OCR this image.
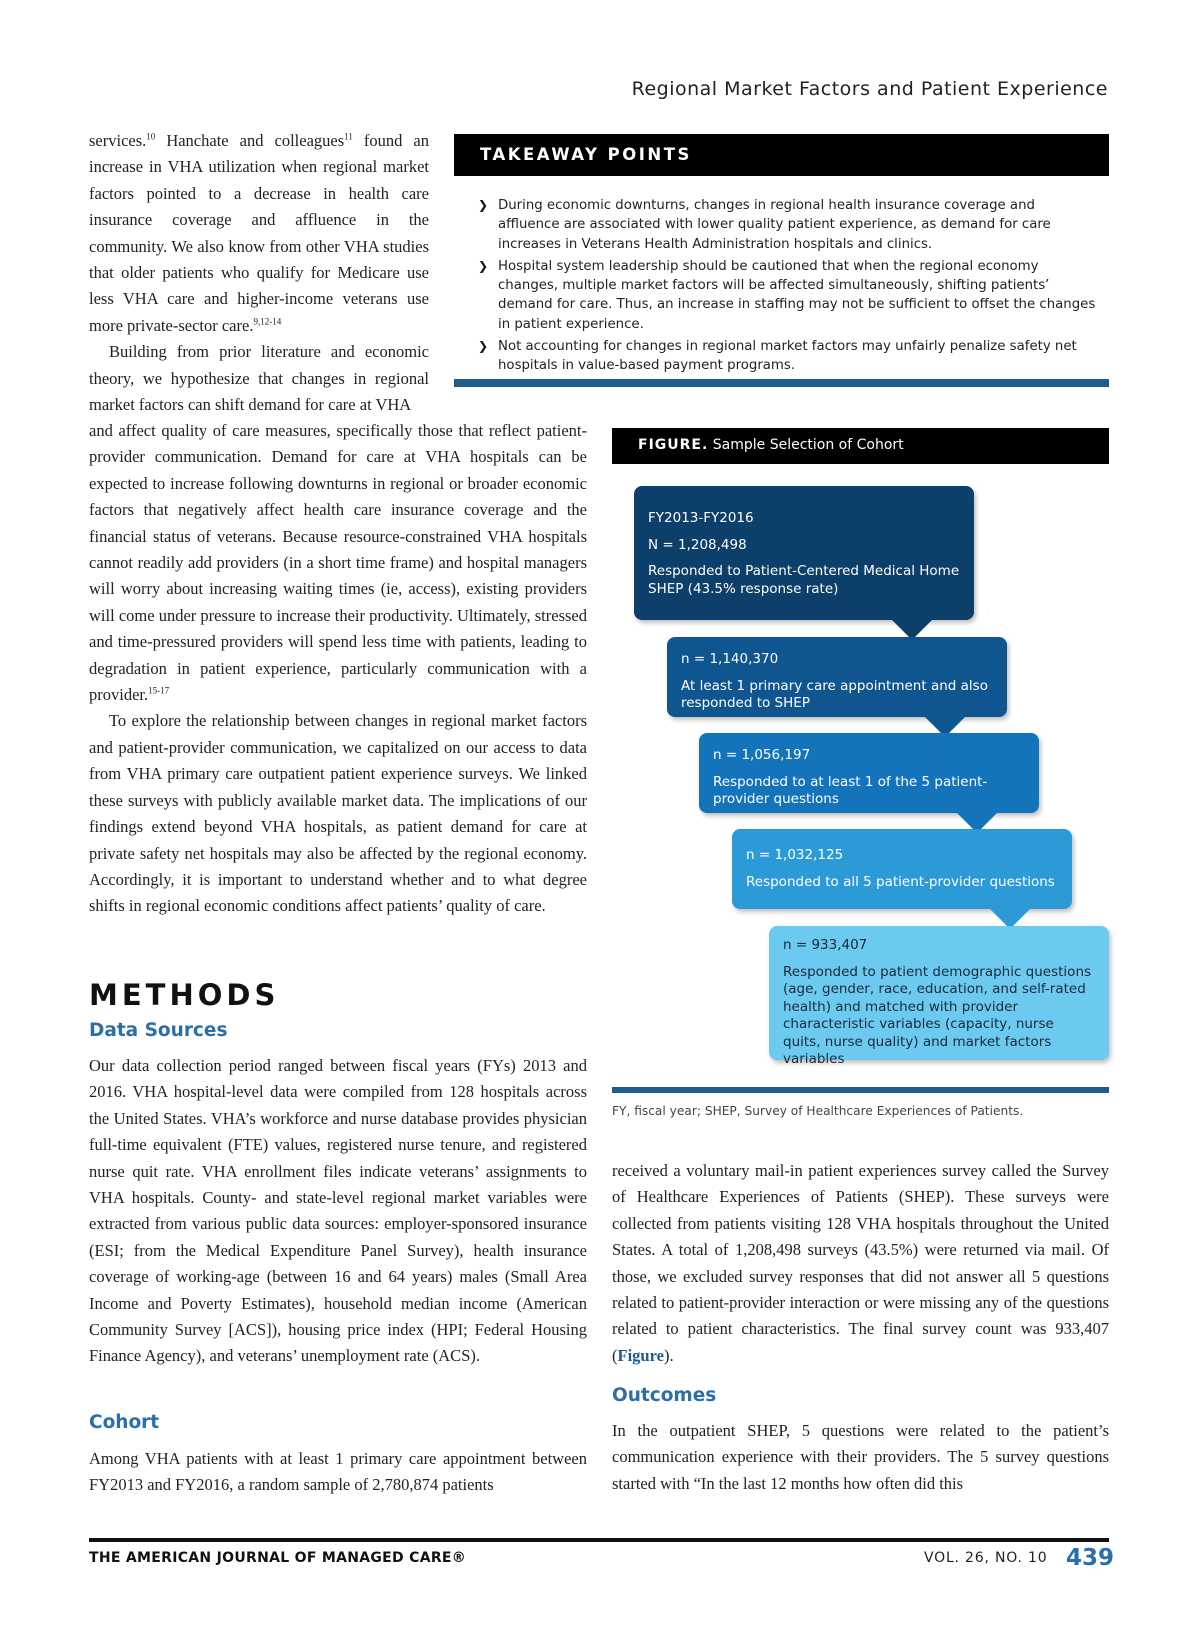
Regional Market Factors and Patient Experience

services.$^{10}$ Hanchate and colleagues$^{11}$ found an increase in VHA utilization when regional market factors pointed to a decrease in health care insurance coverage and affluence in the community. We also know from other VHA studies that older patients who qualify for Medicare use less VHA care and higher-income veterans use more private-sector care.$^{9,12-14}$

Building from prior literature and economic theory, we hypothesize that changes in regional market factors can shift demand for care at VHA

and affect quality of care measures, specifically those that reflect patient-provider communication. Demand for care at VHA hospitals can be expected to increase following downturns in regional or broader economic factors that negatively affect health care insurance coverage and the financial status of veterans. Because resource-constrained VHA hospitals cannot readily add providers (in a short time frame) and hospital managers will worry about increasing waiting times (ie, access), existing providers will come under pressure to increase their productivity. Ultimately, stressed and time-pressured providers will spend less time with patients, leading to degradation in patient experience, particularly communication with a provider.$^{15-17}$

To explore the relationship between changes in regional market factors and patient-provider communication, we capitalized on our access to data from VHA primary care outpatient patient experience surveys. We linked these surveys with publicly available market data. The implications of our findings extend beyond VHA hospitals, as patient demand for care at private safety net hospitals may also be affected by the regional economy. Accordingly, it is important to understand whether and to what degree shifts in regional economic conditions affect patients’ quality of care.

TAKEAWAY POINTS
❯ During economic downturns, changes in regional health insurance coverage and affluence are associated with lower quality patient experience, as demand for care increases in Veterans Health Administration hospitals and clinics.
❯ Hospital system leadership should be cautioned that when the regional economy changes, multiple market factors will be affected simultaneously, shifting patients’ demand for care. Thus, an increase in staffing may not be sufficient to offset the changes in patient experience.
❯ Not accounting for changes in regional market factors may unfairly penalize safety net hospitals in value-based payment programs.
FIGURE. Sample Selection of Cohort
FY2013-FY2016
N = 1,208,498
Responded to Patient-Centered Medical Home SHEP (43.5% response rate)
n = 1,140,370
At least 1 primary care appointment and also responded to SHEP
n = 1,056,197
Responded to at least 1 of the 5 patient-provider questions
n = 1,032,125
Responded to all 5 patient-provider questions
n = 933,407
Responded to patient demographic questions (age, gender, race, education, and self-rated health) and matched with provider characteristic variables (capacity, nurse quits, nurse quality) and market factors variables

FY, fiscal year; SHEP, Survey of Healthcare Experiences of Patients.

METHODS

Data Sources

Our data collection period ranged between fiscal years (FYs) 2013 and 2016. VHA hospital-level data were compiled from 128 hospitals across the United States. VHA’s workforce and nurse database provides physician full-time equivalent (FTE) values, registered nurse tenure, and registered nurse quit rate. VHA enrollment files indicate veterans’ assignments to VHA hospitals. County- and state-level regional market variables were extracted from various public data sources: employer-sponsored insurance (ESI; from the Medical Expenditure Panel Survey), health insurance coverage of working-age (between 16 and 64 years) males (Small Area Income and Poverty Estimates), household median income (American Community Survey [ACS]), housing price index (HPI; Federal Housing Finance Agency), and veterans’ unemployment rate (ACS).

Cohort

Among VHA patients with at least 1 primary care appointment between FY2013 and FY2016, a random sample of 2,780,874 patients

received a voluntary mail-in patient experiences survey called the Survey of Healthcare Experiences of Patients (SHEP). These surveys were collected from patients visiting 128 VHA hospitals throughout the United States. A total of 1,208,498 surveys (43.5%) were returned via mail. Of those, we excluded survey responses that did not answer all 5 questions related to patient-provider interaction or were missing any of the questions related to patient characteristics. The final survey count was 933,407 (Figure).

Outcomes

In the outpatient SHEP, 5 questions were related to the patient’s communication experience with their providers. The 5 survey questions started with “In the last 12 months how often did this

THE AMERICAN JOURNAL OF MANAGED CARE®	VOL. 26, NO. 10 439
